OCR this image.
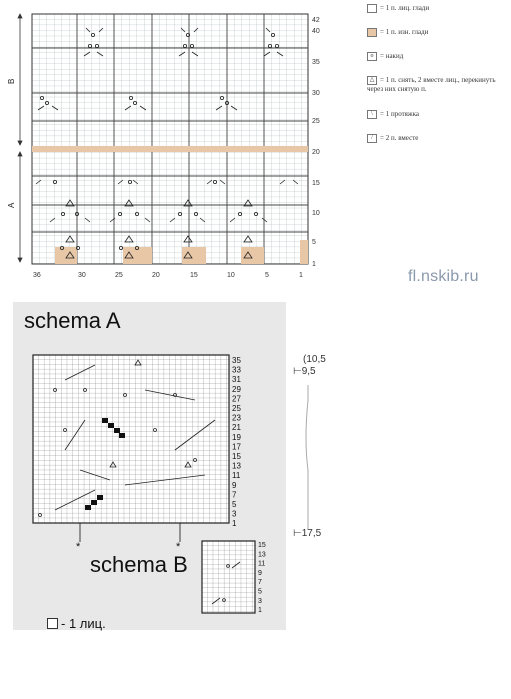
B
A
1
5
10
15
20
25
30
35
40
42
36	30	25	20	15	10	5	1
= 1 п. лиц. глади
= 1 п. изн. глади
o = накид
△ = 1 п. снять, 2 вместе лиц., перекинуть через них снятую п.
\ = 1 протяжка
/ = 2 п. вместе
fl.nskib.ru
schema A
35
33
31
29
27
25
23
21
19
17
15
13
11
9
7
5
3
1
*	*
schema B
15
13
11
9
7
5
3
1
(10,5
⊢9,5
⊢17,5
- 1 лиц.
